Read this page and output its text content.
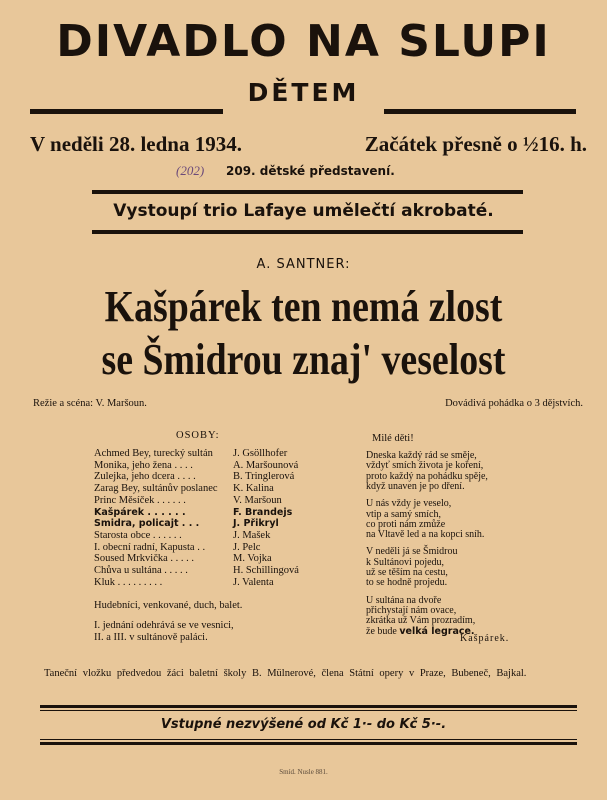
DIVADLO NA SLUPI
DĚTEM
V neděli 28. ledna 1934.	Začátek přesně o ½16. h.
(202) 209. dětské představení.
Vystoupí trio Lafaye umělečtí akrobaté.
A. SANTNER:
Kašpárek ten nemá zlost
se Šmidrou znaj' veselost
Režie a scéna: V. Maršoun.	Dovádivá pohádka o 3 dějstvích.
OSOBY:
Achmed Bey, turecký sultán	J. Gsöllhofer
Monika, jeho žena . . . .	A. Maršounová
Zulejka, jeho dcera . . . .	B. Tringlerová
Zarag Bey, sultánův poslanec	K. Kalina
Princ Měsíček . . . . . .	V. Maršoun
Kašpárek . . . . . .	F. Brandejs
Šmidra, policajt . . .	J. Přikryl
Starosta obce . . . . . .	J. Mašek
I. obecní radní, Kapusta . .	J. Pelc
Soused Mrkvička . . . . .	M. Vojka
Chůva u sultána . . . . .	H. Schillingová
Kluk . . . . . . . . .	J. Valenta
Hudebníci, venkované, duch, balet.
I. jednání odehrává se ve vesnici,
II. a III. v sultánově paláci.
Milé děti!
Dneska každý rád se směje,
vždyť smích života je koření,
proto každý na pohádku spěje,
když unaven je po dření.
U nás vždy je veselo,
vtip a samý smích,
co proti nám zmůže
na Vltavě led a na kopci sníh.
V neděli já se Šmidrou
k Sultánovi pojedu,
už se těším na cestu,
to se hodně projedu.
U sultána na dvoře
přichystají nám ovace,
zkrátka už Vám prozradím,
že bude velká legrace.
Kašpárek.
Taneční vložku předvedou žáci baletní školy B. Mülnerové, člena Státní opery v Praze, Bubeneč, Bajkal.
Vstupné nezvýšené od Kč 1·- do Kč 5·-.
Smíd. Nusle 881.
